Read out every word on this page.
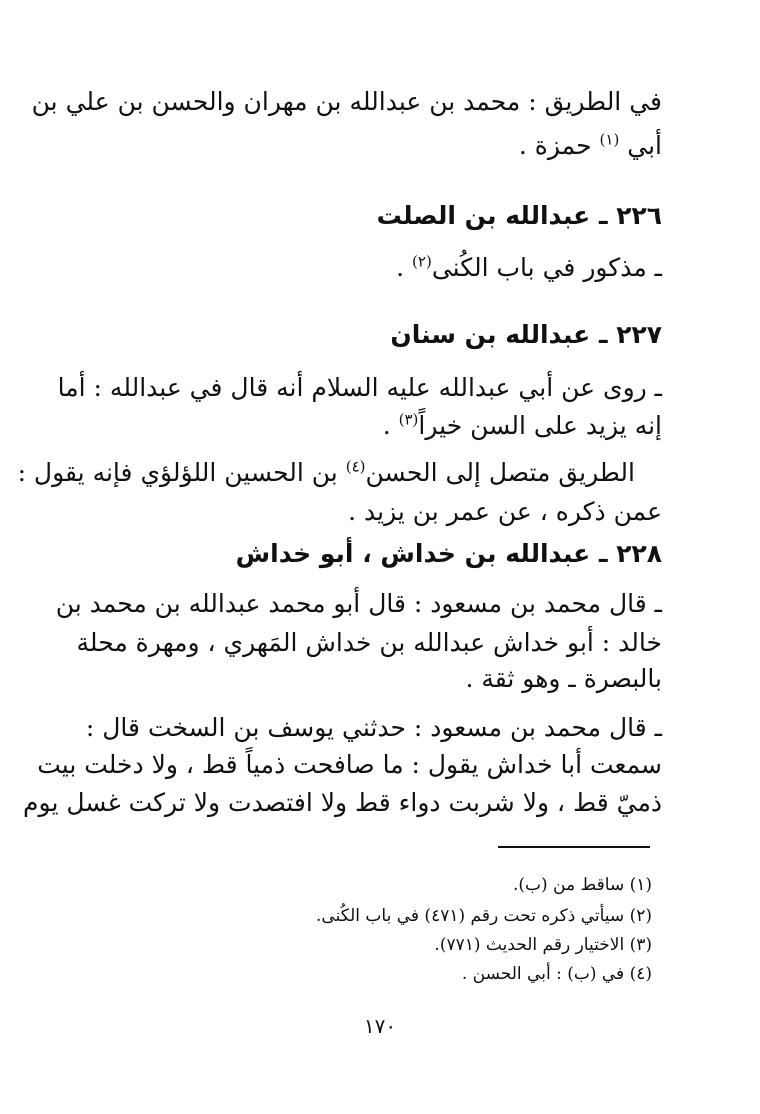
في الطريق : محمد بن عبدالله بن مهران والحسن بن علي بن
أبي $^{(١)}$ حمزة .
٢٢٦ ـ عبدالله بن الصلت
ـ مذكور في باب الكُنى$^{(٢)}$ .
٢٢٧ ـ عبدالله بن سنان
ـ روى عن أبي عبدالله عليه السلام أنه قال في عبدالله : أما
إنه يزيد على السن خيراً$^{(٣)}$ .
الطريق متصل إلى الحسن$^{(٤)}$ بن الحسين اللؤلؤي فإنه يقول :
عمن ذكره ، عن عمر بن يزيد .
٢٢٨ ـ عبدالله بن خداش ، أبو خداش
ـ قال محمد بن مسعود : قال أبو محمد عبدالله بن محمد بن
خالد : أبو خداش عبدالله بن خداش المَهري ، ومهرة محلة
بالبصرة ـ وهو ثقة .
ـ قال محمد بن مسعود : حدثني يوسف بن السخت قال :
سمعت أبا خداش يقول : ما صافحت ذمياً قط ، ولا دخلت بيت
ذميّ قط ، ولا شربت دواء قط ولا افتصدت ولا تركت غسل يوم
(١) ساقط من (ب).
(٢) سيأتي ذكره تحت رقم (٤٧١) في باب الكُنى.
(٣) الاختيار رقم الحديث (٧٧١).
(٤) في (ب) : أبي الحسن .
١٧٠
